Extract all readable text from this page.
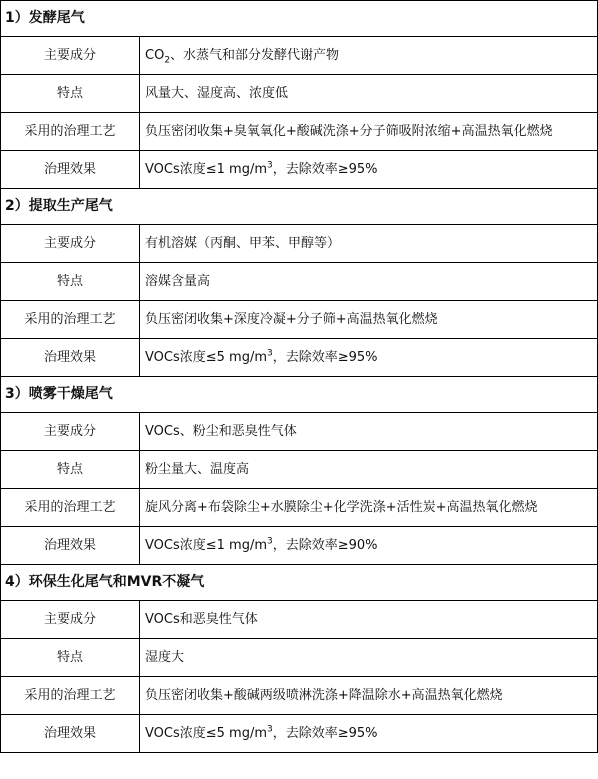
1）发酵尾气	
主要成分	$CO_2$、水蒸气和部分发酵代谢产物
特点	风量大、湿度高、浓度低
采用的治理工艺	负压密闭收集+臭氧氧化+酸碱洗涤+分子筛吸附浓缩+高温热氧化燃烧
治理效果	VOCs浓度≤1 $mg/m^3$，去除效率≥95%
2）提取生产尾气	
主要成分	有机溶媒（丙酮、甲苯、甲醇等）
特点	溶媒含量高
采用的治理工艺	负压密闭收集+深度冷凝+分子筛+高温热氧化燃烧
治理效果	VOCs浓度≤5 $mg/m^3$，去除效率≥95%
3）喷雾干燥尾气	
主要成分	VOCs、粉尘和恶臭性气体
特点	粉尘量大、温度高
采用的治理工艺	旋风分离+布袋除尘+水膜除尘+化学洗涤+活性炭+高温热氧化燃烧
治理效果	VOCs浓度≤1 $mg/m^3$，去除效率≥90%
4）环保生化尾气和MVR不凝气	
主要成分	VOCs和恶臭性气体
特点	湿度大
采用的治理工艺	负压密闭收集+酸碱两级喷淋洗涤+降温除水+高温热氧化燃烧
治理效果	VOCs浓度≤5 $mg/m^3$，去除效率≥95%
